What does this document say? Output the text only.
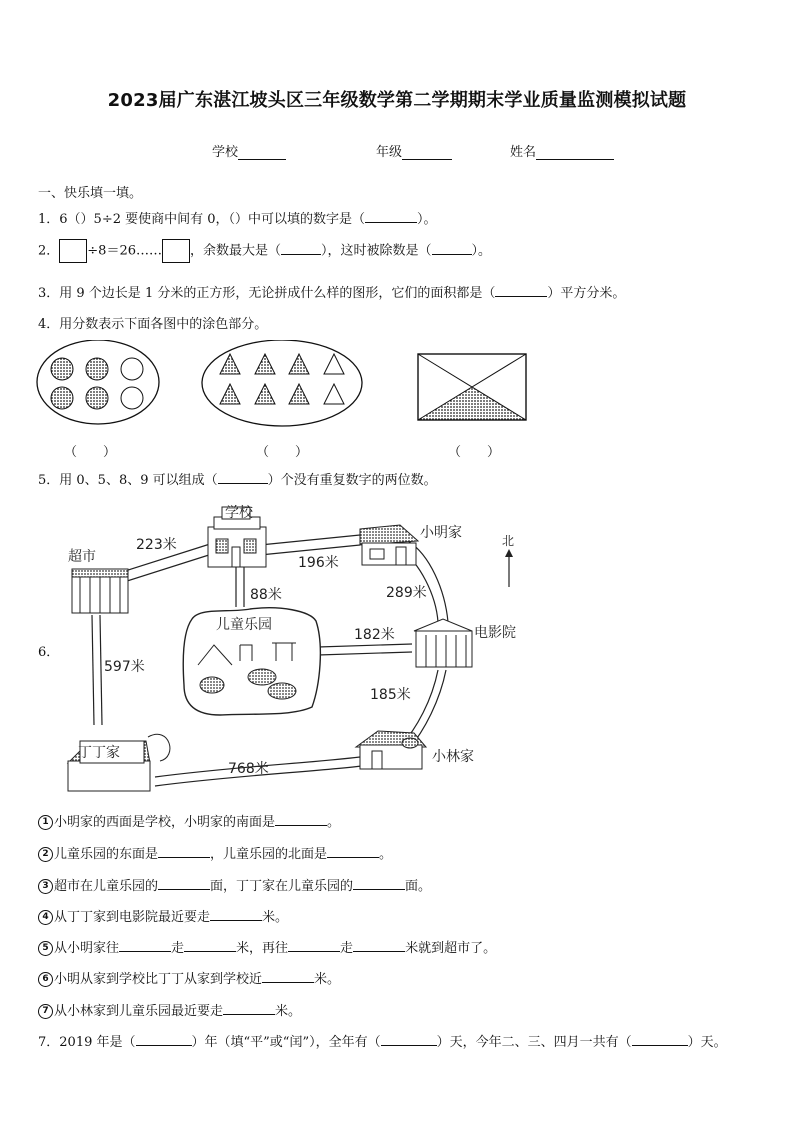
2023届广东湛江坡头区三年级数学第二学期期末学业质量监测模拟试题
学校	年级	姓名
一、快乐填一填。
1．6（）5÷2 要使商中间有 0，（）中可以填的数字是（	）。
2． ÷8＝26…… ，余数最大是（	），这时被除数是（	）。
3．用 9 个边长是 1 分米的正方形，无论拼成什么样的图形，它们的面积都是（	）平方分米。
4．用分数表示下面各图中的涂色部分。
（　　）	（　　）	（　　）
5．用 0、5、8、9 可以组成（	）个没有重复数字的两位数。
6．
学校
超市
小明家	北
电影院
儿童乐园
丁丁家	小林家
223米
196米
88米	289米
182米
597米
185米
768米
1 小明家的西面是学校，小明家的南面是	。
2 儿童乐园的东面是	，儿童乐园的北面是	。
3 超市在儿童乐园的	面，丁丁家在儿童乐园的	面。
4 从丁丁家到电影院最近要走	米。
5 从小明家往	走	米，再往	走	米就到超市了。
6 小明从家到学校比丁丁从家到学校近	米。
7 从小林家到儿童乐园最近要走	米。
7．2019 年是（	）年（填“平”或“闰”），全年有（	）天，今年二、三、四月一共有（	）天。
